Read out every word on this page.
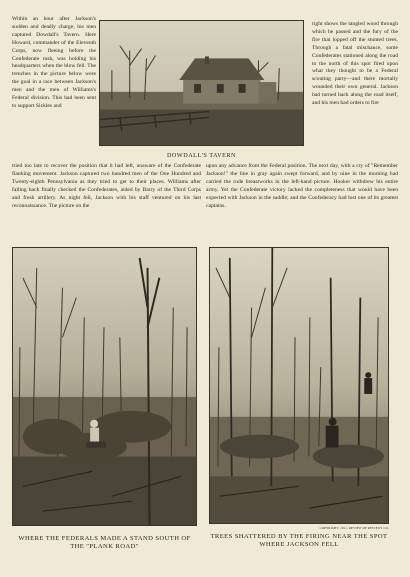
Within an hour after Jackson's sudden and deadly charge, his men captured Dowdall's Tavern. Here Howard, commander of the Eleventh Corps, now fleeing before the Confederate rush, was holding his headquarters when the blow fell. The trenches in the picture below were the goal in a race between Jackson's men and the men of Williams's Federal division. This had been sent to support Sickles and

DOWDALL'S TAVERN

right shows the tangled wood through which he passed and the fury of the fire that lopped off the stunted trees. Through a fatal mischance, some Confederates stationed along the road to the north of this spot fired upon what they thought to be a Federal scouting party—and there mortally wounded their own general. Jackson had turned back along the road itself, and his men had orders to fire

tried too late to recover the position that it had left, unaware of the Confederate flanking movement. Jackson captured two hundred men of the One Hundred and Twenty-eighth Pennsylvania as they tried to get to their places. Williams after falling back finally checked the Confederates, aided by Barry of the Third Corps and fresh artillery. As night fell, Jackson with his staff ventured on his last reconnaissance. The picture on the

upon any advance from the Federal position. The next day, with a cry of "Remember Jackson!" the line in gray again swept forward, and by nine in the morning had carried the rude breastworks in the left-hand picture. Hooker withdrew his entire army. Yet the Confederate victory lacked the completeness that would have been expected with Jackson in the saddle; and the Confederacy had lost one of its greatest captains.

COPYRIGHT, 1911, REVIEW OF REVIEWS CO.
WHERE THE FEDERALS MADE A STAND SOUTH OF THE "PLANK ROAD"
TREES SHATTERED BY THE FIRING NEAR THE SPOT WHERE JACKSON FELL
